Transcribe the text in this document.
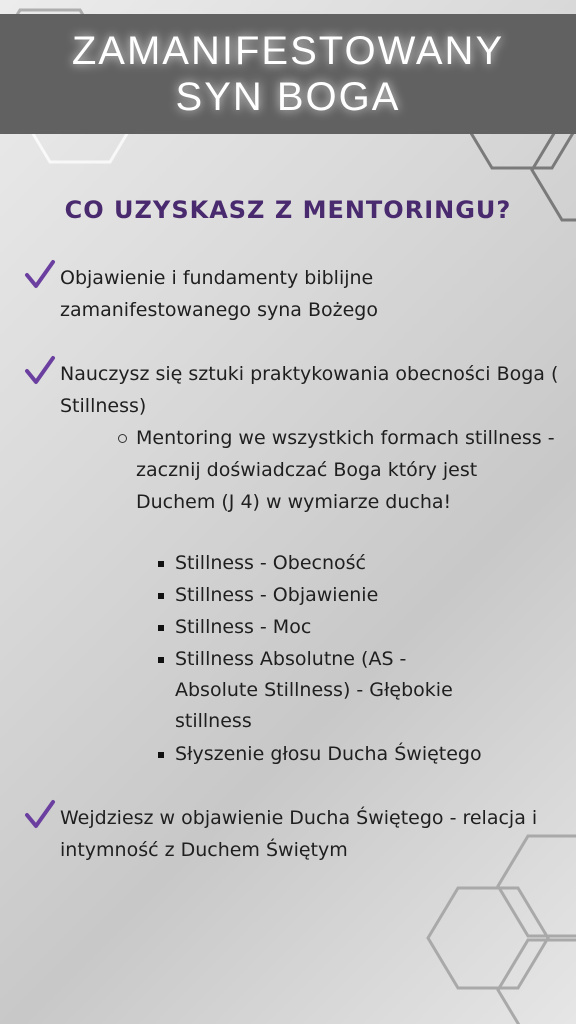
ZAMANIFESTOWANY
SYN BOGA
CO UZYSKASZ Z MENTORINGU?
Objawienie i fundamenty biblijne zamanifestowanego syna Bożego
Nauczysz się sztuki praktykowania obecności Boga ( Stillness)
Mentoring we wszystkich formach stillness - zacznij doświadczać Boga który jest Duchem (J 4) w wymiarze ducha!
Stillness - Obecność
Stillness - Objawienie
Stillness - Moc
Stillness Absolutne (AS - Absolute Stillness) - Głębokie stillness
Słyszenie głosu Ducha Świętego
Wejdziesz w objawienie Ducha Świętego - relacja i intymność z Duchem Świętym
